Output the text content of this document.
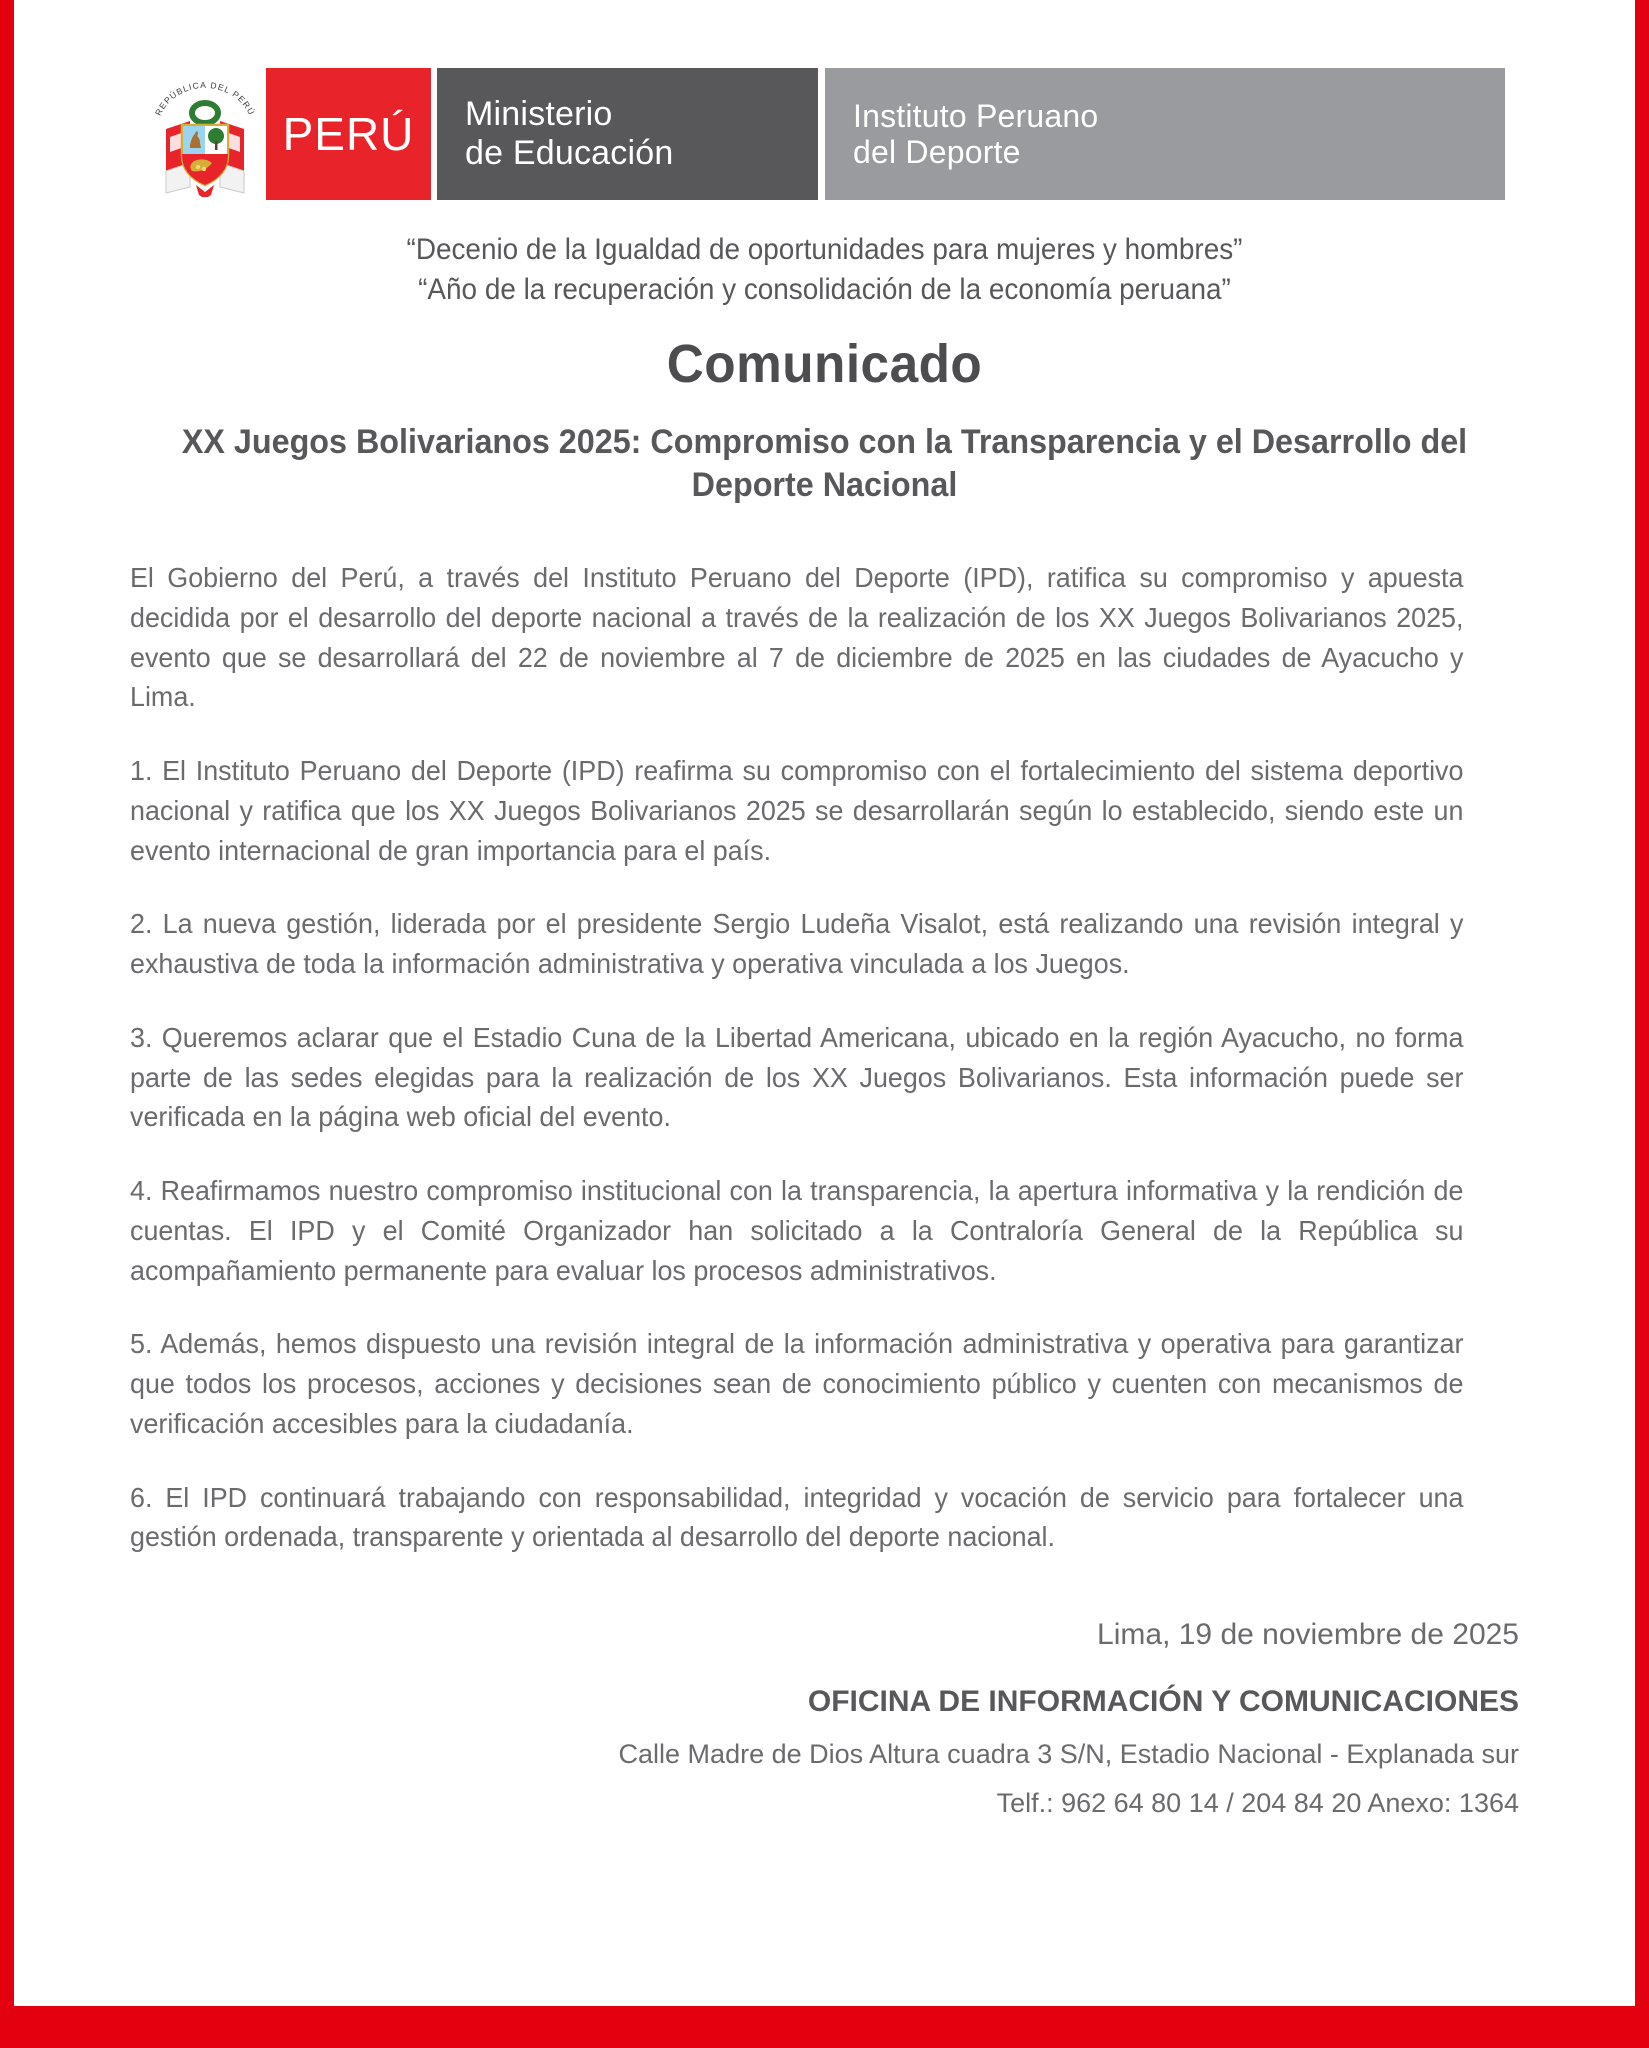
REPÚBLICA DEL PERÚ PERÚ Ministerio
de Educación
Instituto Peruano
del Deporte
“Decenio de la Igualdad de oportunidades para mujeres y hombres”
“Año de la recuperación y consolidación de la economía peruana”
Comunicado
XX Juegos Bolivarianos 2025: Compromiso con la Transparencia y el Desarrollo del Deporte Nacional

El Gobierno del Perú, a través del Instituto Peruano del Deporte (IPD), ratifica su compromiso y apuesta decidida por el desarrollo del deporte nacional a través de la realización de los XX Juegos Bolivarianos 2025, evento que se desarrollará del 22 de noviembre al 7 de diciembre de 2025 en las ciudades de Ayacucho y Lima.

1. El Instituto Peruano del Deporte (IPD) reafirma su compromiso con el fortalecimiento del sistema deportivo nacional y ratifica que los XX Juegos Bolivarianos 2025 se desarrollarán según lo establecido, siendo este un evento internacional de gran importancia para el país.

2. La nueva gestión, liderada por el presidente Sergio Ludeña Visalot, está realizando una revisión integral y exhaustiva de toda la información administrativa y operativa vinculada a los Juegos.

3. Queremos aclarar que el Estadio Cuna de la Libertad Americana, ubicado en la región Ayacucho, no forma parte de las sedes elegidas para la realización de los XX Juegos Bolivarianos. Esta información puede ser verificada en la página web oficial del evento.

4. Reafirmamos nuestro compromiso institucional con la transparencia, la apertura informativa y la rendición de cuentas. El IPD y el Comité Organizador han solicitado a la Contraloría General de la República su acompañamiento permanente para evaluar los procesos administrativos.

5. Además, hemos dispuesto una revisión integral de la información administrativa y operativa para garantizar que todos los procesos, acciones y decisiones sean de conocimiento público y cuenten con mecanismos de verificación accesibles para la ciudadanía.

6. El IPD continuará trabajando con responsabilidad, integridad y vocación de servicio para fortalecer una gestión ordenada, transparente y orientada al desarrollo del deporte nacional.

Lima, 19 de noviembre de 2025
OFICINA DE INFORMACIÓN Y COMUNICACIONES
Calle Madre de Dios Altura cuadra 3 S/N, Estadio Nacional - Explanada sur
Telf.: 962 64 80 14 / 204 84 20 Anexo: 1364
